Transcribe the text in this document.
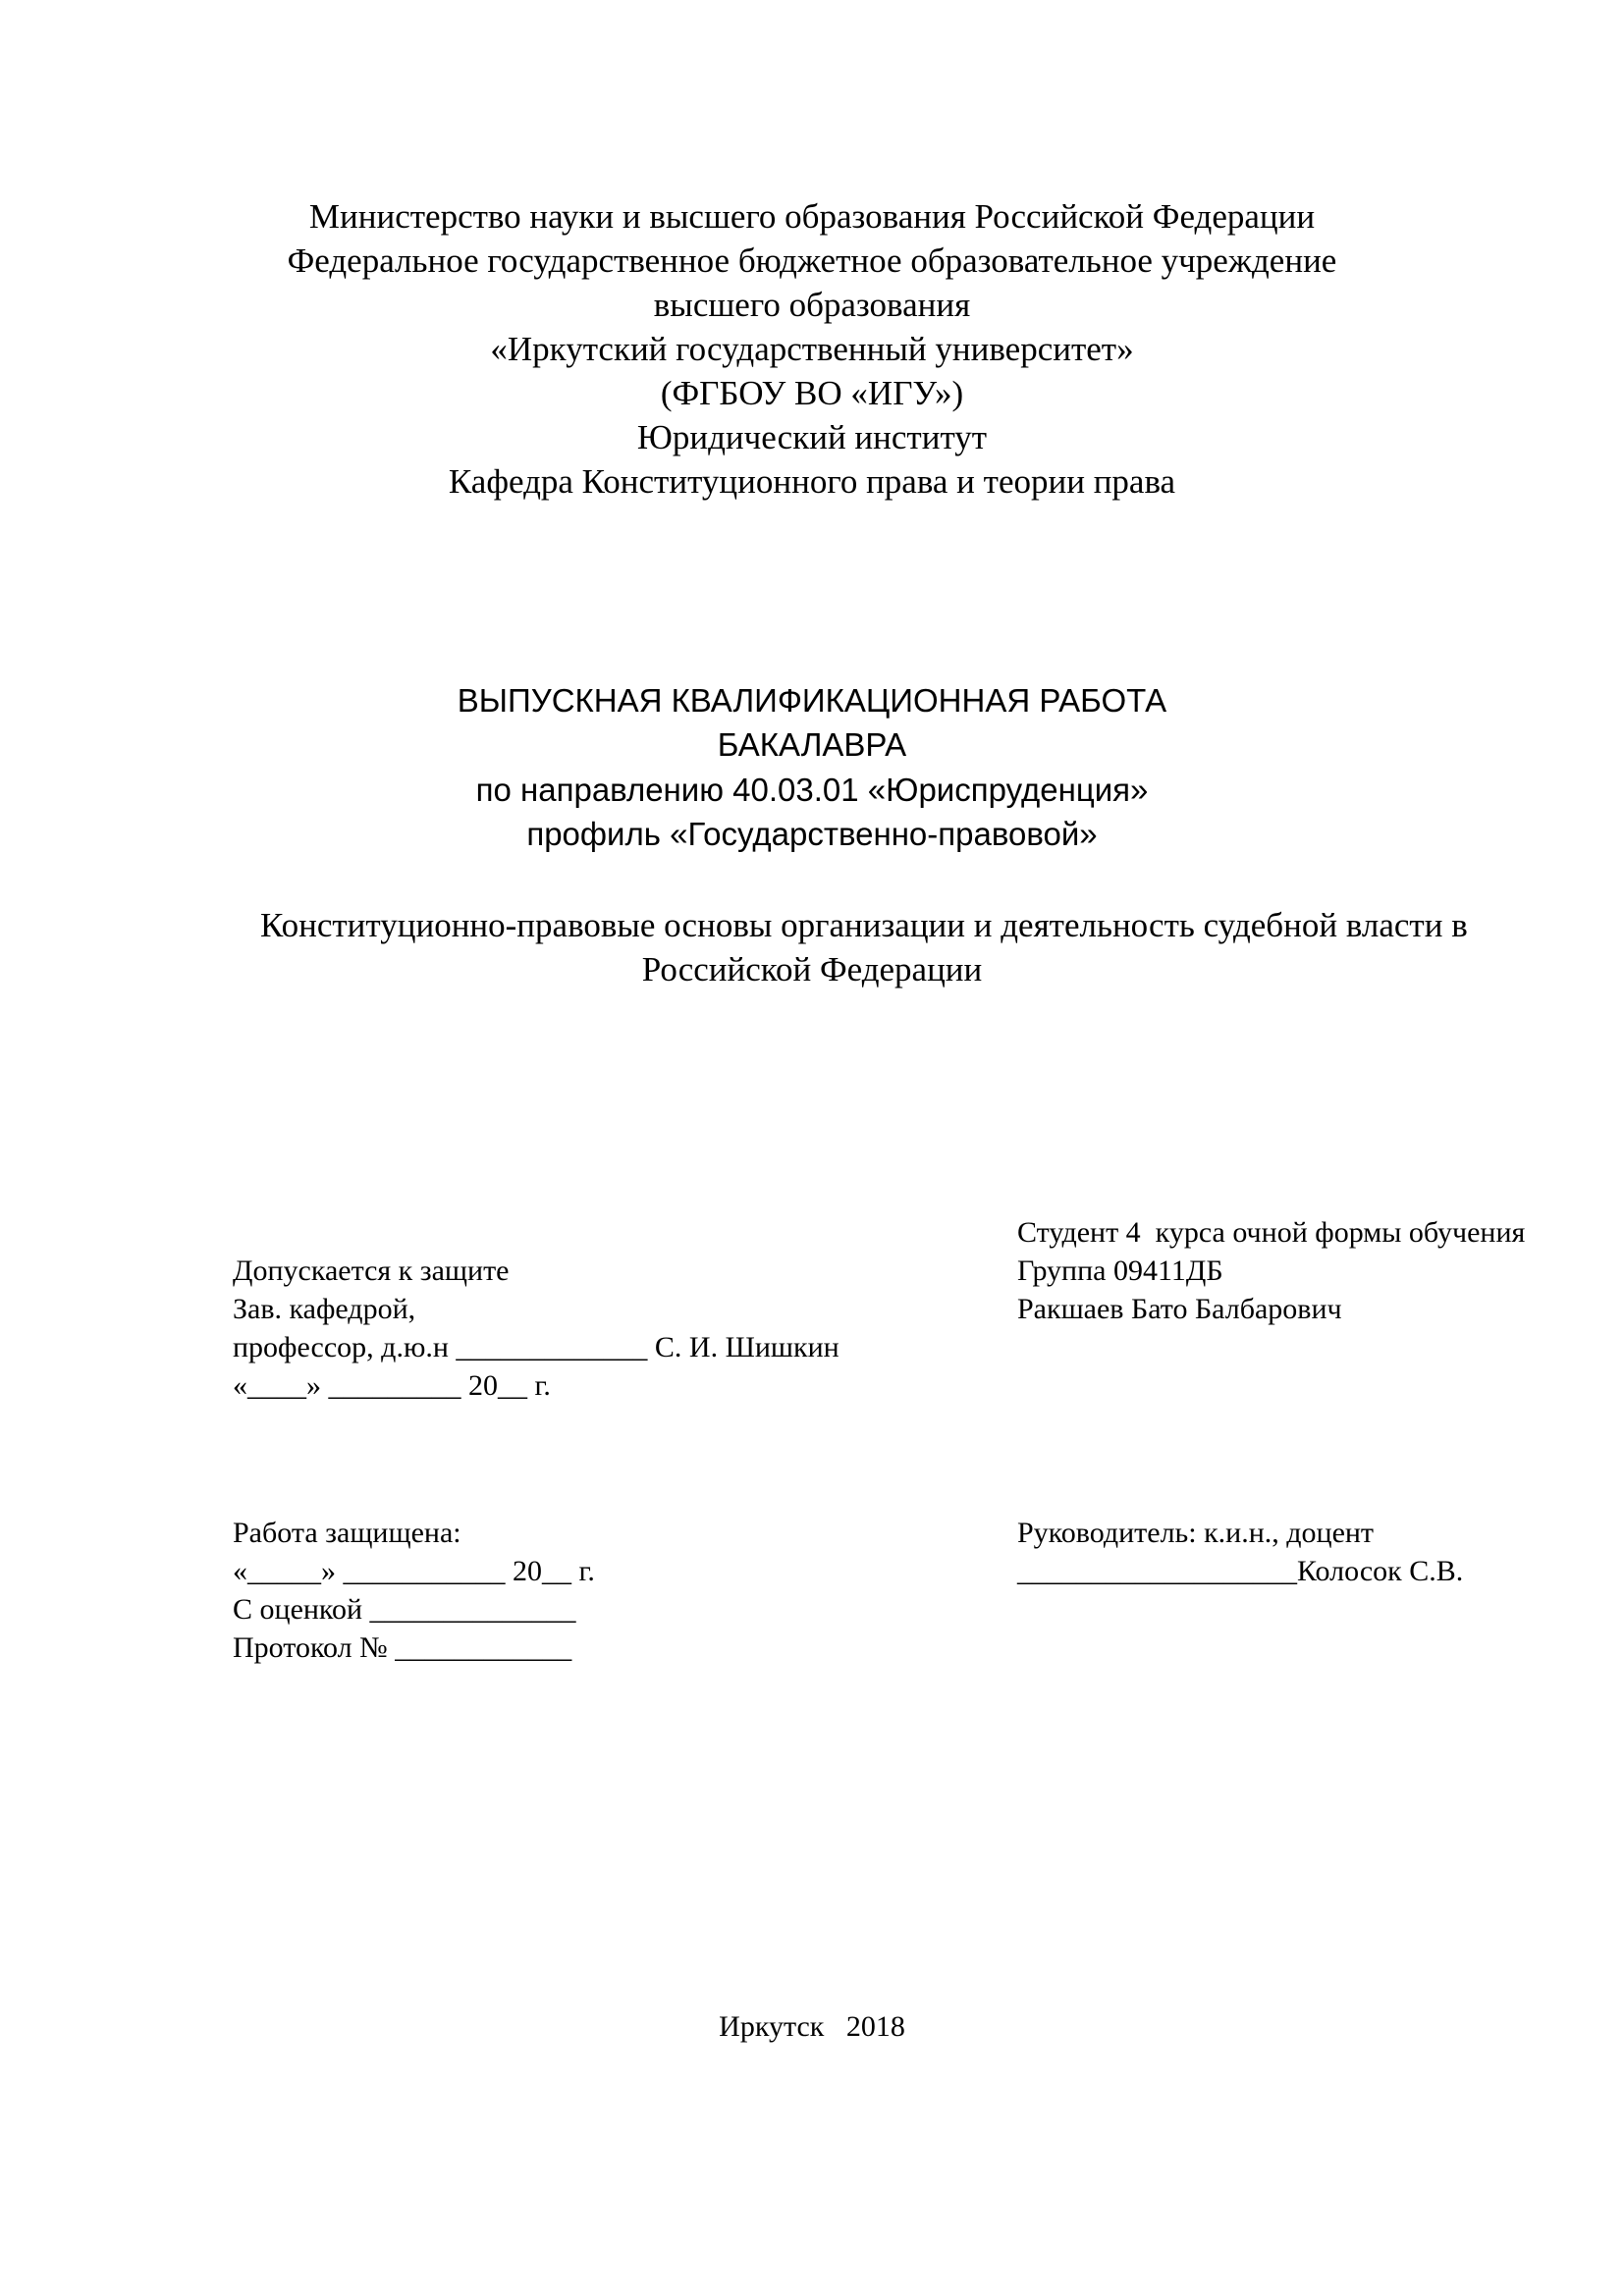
Министерство науки и высшего образования Российской Федерации
Федеральное государственное бюджетное образовательное учреждение
высшего образования
«Иркутский государственный университет»
(ФГБОУ ВО «ИГУ»)
Юридический институт
Кафедра Конституционного права и теории права
ВЫПУСКНАЯ КВАЛИФИКАЦИОННАЯ РАБОТА
БАКАЛАВРА
по направлению 40.03.01 «Юриспруденция»
профиль «Государственно-правовой»
Конституционно-правовые основы организации и деятельность судебной власти в
Российской Федерации
Студент 4  курса очной формы обучения
Группа 09411ДБ
Ракшаев Бато Балбарович
Допускается к защите
Зав. кафедрой,
профессор, д.ю.н _____________ С. И. Шишкин
«____» _________ 20__ г.
Работа защищена:
«_____» ___________ 20__ г.
С оценкой ______________
Протокол № ____________
Руководитель: к.и.н., доцент
___________________Колосок С.В.
Иркутск   2018
